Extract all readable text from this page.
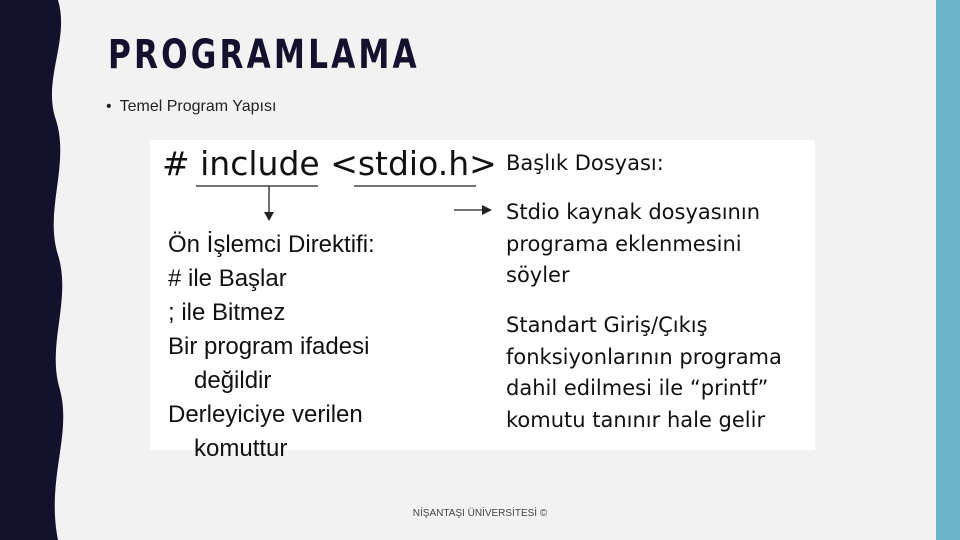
PROGRAMLAMA
• Temel Program Yapısı
# include <stdio.h>
Ön İşlemci Direktifi:
# ile Başlar
; ile Bitmez
Bir program ifadesi
değildir
Derleyiciye verilen
komuttur
Başlık Dosyası:
Stdio kaynak dosyasının
programa eklenmesini
söyler
Standart Giriş/Çıkış
fonksiyonlarının programa
dahil edilmesi ile “printf”
komutu tanınır hale gelir
NİŞANTAŞI ÜNİVERSİTESİ ©
